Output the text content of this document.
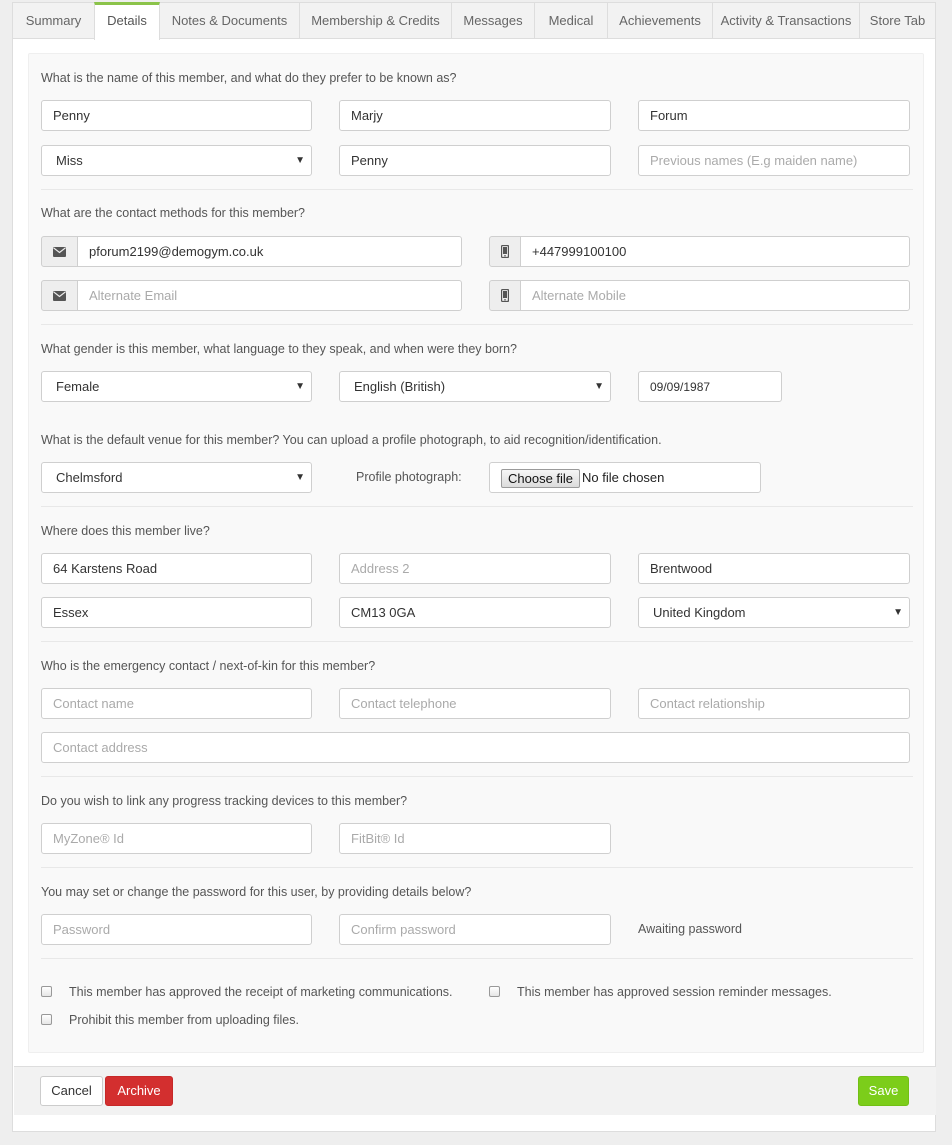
Summary	Details	Notes & Documents	Membership & Credits	Messages	Medical	Achievements	Activity & Transactions	Store Tab
What is the name of this member, and what do they prefer to be known as?
Penny
Marjy
Forum
Miss	▼
Penny
Previous names (E.g maiden name)
What are the contact methods for this member?
pforum2199@demogym.co.uk
+447999100100
Alternate Email
Alternate Mobile
What gender is this member, what language to they speak, and when were they born?
Female	▼	English (British)	▼
09/09/1987
What is the default venue for this member? You can upload a profile photograph, to aid recognition/identification.
Chelmsford	▼	Profile photograph:	Choose file No file chosen
Where does this member live?
64 Karstens Road
Address 2
Brentwood
Essex
CM13 0GA
United Kingdom	▼
Who is the emergency contact / next-of-kin for this member?
Contact name
Contact telephone
Contact relationship
Contact address
Do you wish to link any progress tracking devices to this member?
MyZone® Id
FitBit® Id
You may set or change the password for this user, by providing details below?
Awaiting password
This member has approved the receipt of marketing communications.	This member has approved session reminder messages.
Prohibit this member from uploading files.
Cancel	Archive	Save
